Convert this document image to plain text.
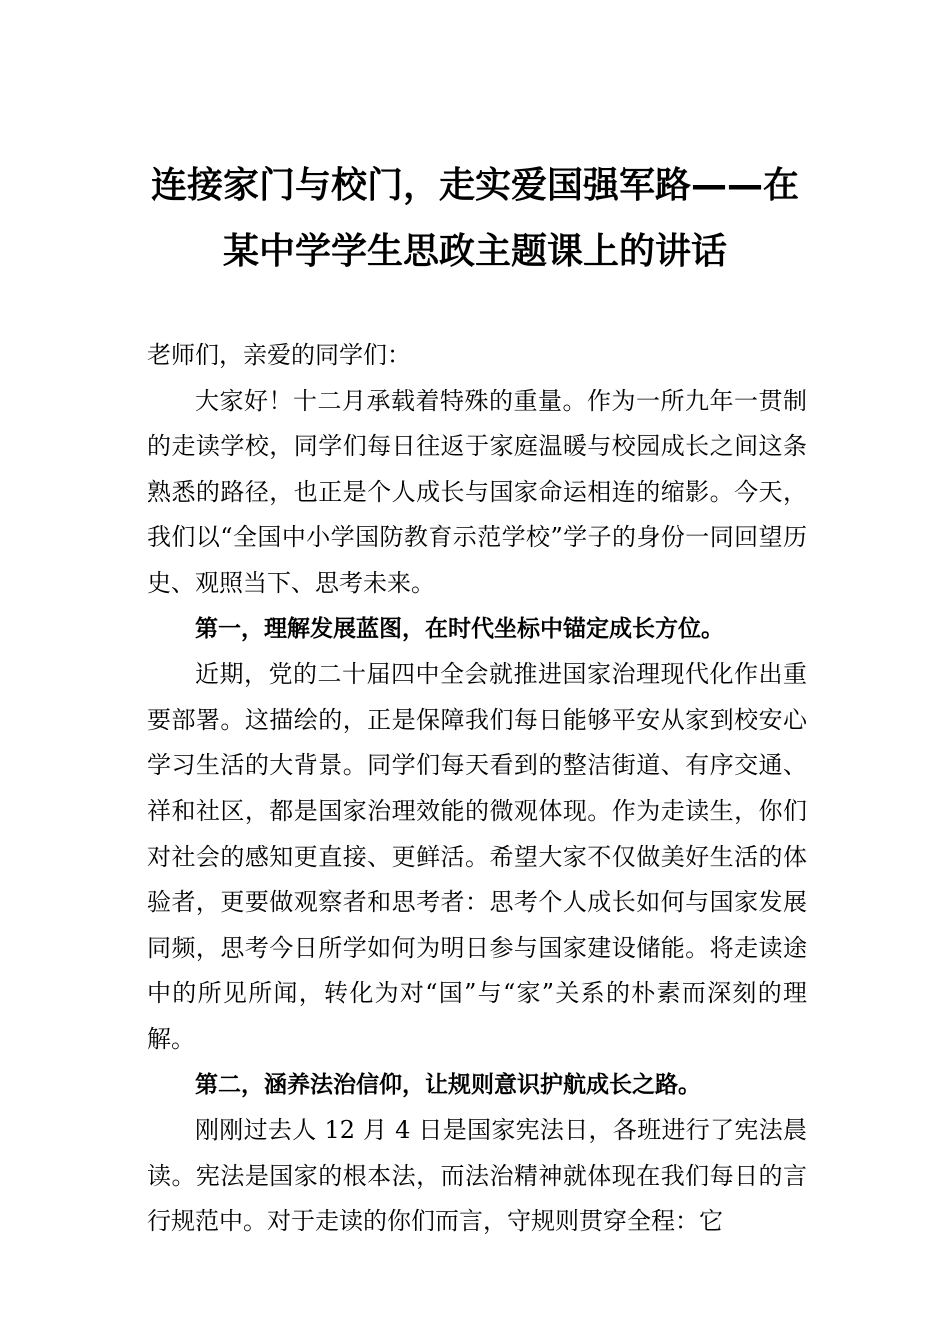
连接家门与校门，走实爱国强军路——在
某中学学生思政主题课上的讲话

老师们，亲爱的同学们：

大家好！十二月承载着特殊的重量。作为一所九年一贯制的走读学校，同学们每日往返于家庭温暖与校园成长之间这条熟悉的路径，也正是个人成长与国家命运相连的缩影。今天，我们以“全国中小学国防教育示范学校”学子的身份一同回望历史、观照当下、思考未来。

第一，理解发展蓝图，在时代坐标中锚定成长方位。

近期，党的二十届四中全会就推进国家治理现代化作出重要部署。这描绘的，正是保障我们每日能够平安从家到校安心学习生活的大背景。同学们每天看到的整洁街道、有序交通、祥和社区，都是国家治理效能的微观体现。作为走读生，你们对社会的感知更直接、更鲜活。希望大家不仅做美好生活的体验者，更要做观察者和思考者：思考个人成长如何与国家发展同频，思考今日所学如何为明日参与国家建设储能。将走读途中的所见所闻，转化为对“国”与“家”关系的朴素而深刻的理解。

第二，涵养法治信仰，让规则意识护航成长之路。

刚刚过去人 12 月 4 日是国家宪法日，各班进行了宪法晨读。宪法是国家的根本法，而法治精神就体现在我们每日的言行规范中。对于走读的你们而言，守规则贯穿全程：它
